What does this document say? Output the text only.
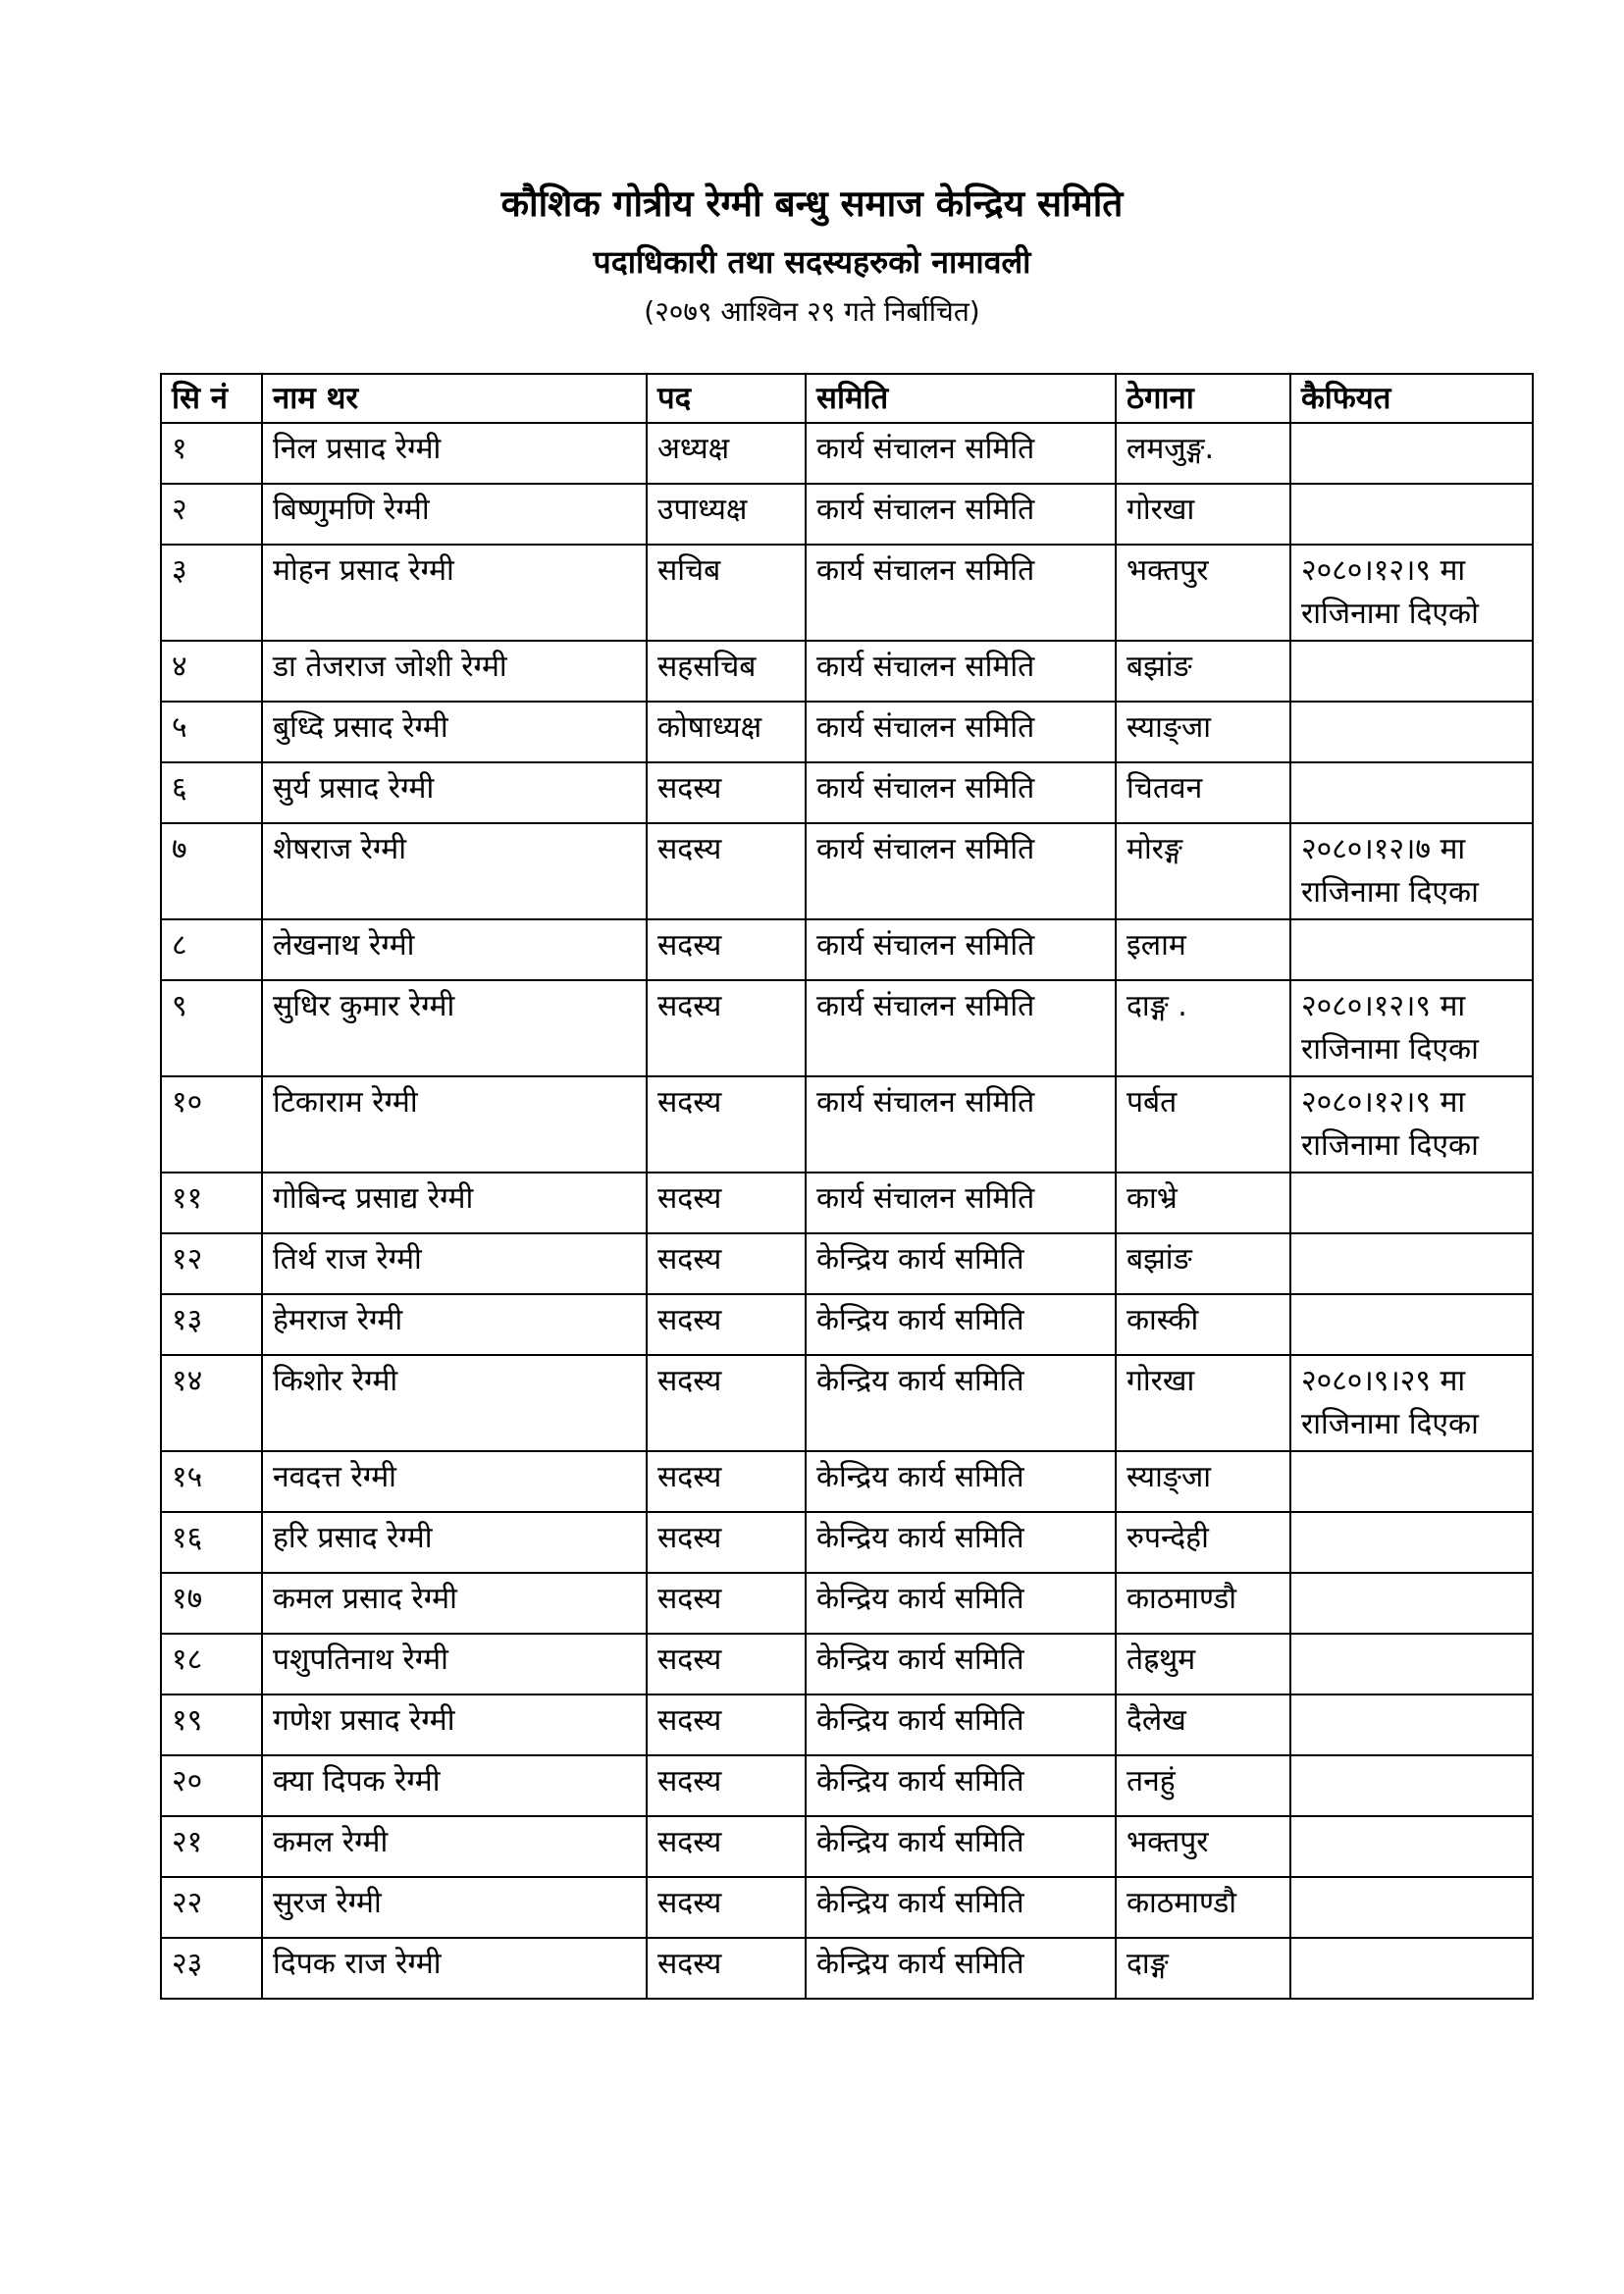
कौशिक गोत्रीय रेग्मी बन्धु समाज केन्द्रिय समिति
पदाधिकारी तथा सदस्यहरुको नामावली
(२०७९ आश्विन २९ गते निर्बाचित)
सि नं	नाम थर	पद	समिति	ठेगाना	कैफियत
१	निल प्रसाद रेग्मी	अध्यक्ष	कार्य संचालन समिति	लमजुङ्ग.	
२	बिष्णुमणि रेग्मी	उपाध्यक्ष	कार्य संचालन समिति	गोरखा	
३	मोहन प्रसाद रेग्मी	सचिब	कार्य संचालन समिति	भक्तपुर	२०८०।१२।९ मा राजिनामा दिएको
४	डा तेजराज जोशी रेग्मी	सहसचिब	कार्य संचालन समिति	बझांङ	
५	बुध्दि प्रसाद रेग्मी	कोषाध्यक्ष	कार्य संचालन समिति	स्याङ्जा	
६	सुर्य प्रसाद रेग्मी	सदस्य	कार्य संचालन समिति	चितवन	
७	शेषराज रेग्मी	सदस्य	कार्य संचालन समिति	मोरङ्ग	२०८०।१२।७ मा राजिनामा दिएका
८	लेखनाथ रेग्मी	सदस्य	कार्य संचालन समिति	इलाम	
९	सुधिर कुमार रेग्मी	सदस्य	कार्य संचालन समिति	दाङ्ग .	२०८०।१२।९ मा राजिनामा दिएका
१०	टिकाराम रेग्मी	सदस्य	कार्य संचालन समिति	पर्बत	२०८०।१२।९ मा राजिनामा दिएका
११	गोबिन्द प्रसाद्य रेग्मी	सदस्य	कार्य संचालन समिति	काभ्रे	
१२	तिर्थ राज रेग्मी	सदस्य	केन्द्रिय कार्य समिति	बझांङ	
१३	हेमराज रेग्मी	सदस्य	केन्द्रिय कार्य समिति	कास्की	
१४	किशोर रेग्मी	सदस्य	केन्द्रिय कार्य समिति	गोरखा	२०८०।९।२९ मा राजिनामा दिएका
१५	नवदत्त रेग्मी	सदस्य	केन्द्रिय कार्य समिति	स्याङ्जा	
१६	हरि प्रसाद रेग्मी	सदस्य	केन्द्रिय कार्य समिति	रुपन्देही	
१७	कमल प्रसाद रेग्मी	सदस्य	केन्द्रिय कार्य समिति	काठमाण्डौ	
१८	पशुपतिनाथ रेग्मी	सदस्य	केन्द्रिय कार्य समिति	तेह्रथुम	
१९	गणेश प्रसाद रेग्मी	सदस्य	केन्द्रिय कार्य समिति	दैलेख	
२०	क्या दिपक रेग्मी	सदस्य	केन्द्रिय कार्य समिति	तनहुं	
२१	कमल रेग्मी	सदस्य	केन्द्रिय कार्य समिति	भक्तपुर	
२२	सुरज रेग्मी	सदस्य	केन्द्रिय कार्य समिति	काठमाण्डौ	
२३	दिपक राज रेग्मी	सदस्य	केन्द्रिय कार्य समिति	दाङ्ग	
